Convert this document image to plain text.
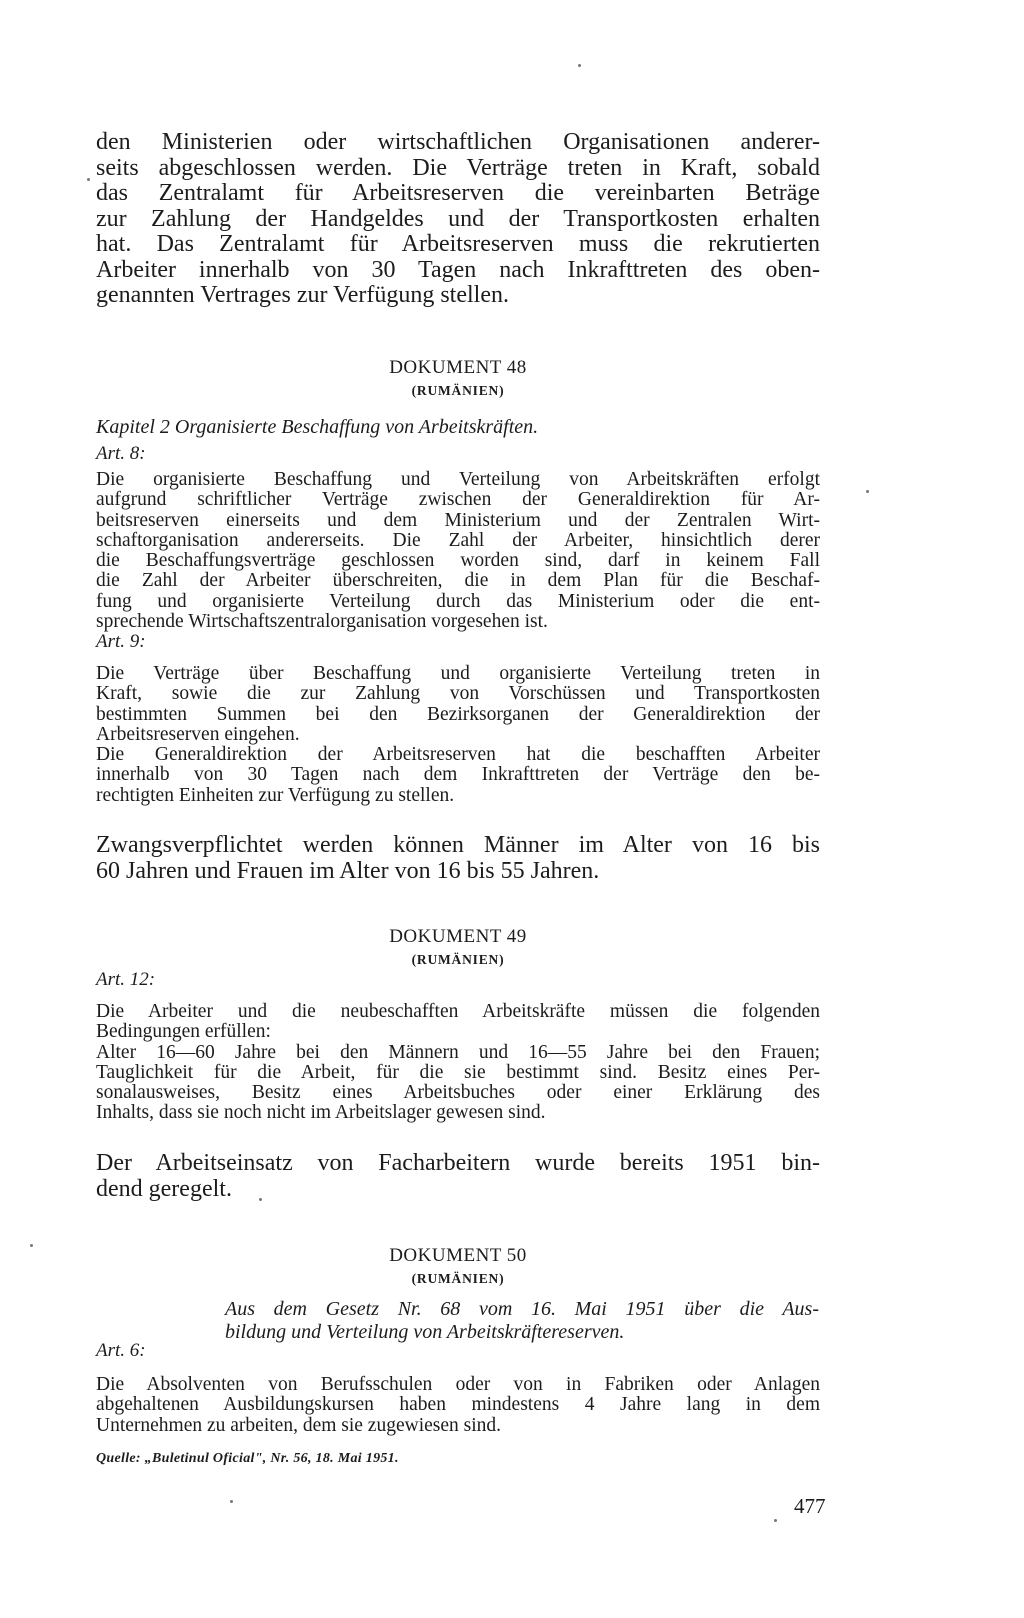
den Ministerien oder wirtschaftlichen Organisationen anderer-
seits abgeschlossen werden. Die Verträge treten in Kraft, sobald
das Zentralamt für Arbeitsreserven die vereinbarten Beträge
zur Zahlung der Handgeldes und der Transportkosten erhalten
hat. Das Zentralamt für Arbeitsreserven muss die rekrutierten
Arbeiter innerhalb von 30 Tagen nach Inkrafttreten des oben-
genannten Vertrages zur Verfügung stellen.
DOKUMENT 48
(RUMÄNIEN)
Kapitel 2 Organisierte Beschaffung von Arbeitskräften.
Art. 8:
Die organisierte Beschaffung und Verteilung von Arbeitskräften erfolgt
aufgrund schriftlicher Verträge zwischen der Generaldirektion für Ar-
beitsreserven einerseits und dem Ministerium und der Zentralen Wirt-
schaftorganisation andererseits. Die Zahl der Arbeiter, hinsichtlich derer
die Beschaffungsverträge geschlossen worden sind, darf in keinem Fall
die Zahl der Arbeiter überschreiten, die in dem Plan für die Beschaf-
fung und organisierte Verteilung durch das Ministerium oder die ent-
sprechende Wirtschaftszentralorganisation vorgesehen ist.
Art. 9:
Die Verträge über Beschaffung und organisierte Verteilung treten in
Kraft, sowie die zur Zahlung von Vorschüssen und Transportkosten
bestimmten Summen bei den Bezirksorganen der Generaldirektion der
Arbeitsreserven eingehen.
Die Generaldirektion der Arbeitsreserven hat die beschafften Arbeiter
innerhalb von 30 Tagen nach dem Inkrafttreten der Verträge den be-
rechtigten Einheiten zur Verfügung zu stellen.
Zwangsverpflichtet werden können Männer im Alter von 16 bis
60 Jahren und Frauen im Alter von 16 bis 55 Jahren.
DOKUMENT 49
(RUMÄNIEN)
Art. 12:
Die Arbeiter und die neubeschafften Arbeitskräfte müssen die folgenden
Bedingungen erfüllen:
Alter 16—60 Jahre bei den Männern und 16—55 Jahre bei den Frauen;
Tauglichkeit für die Arbeit, für die sie bestimmt sind. Besitz eines Per-
sonalausweises, Besitz eines Arbeitsbuches oder einer Erklärung des
Inhalts, dass sie noch nicht im Arbeitslager gewesen sind.
Der Arbeitseinsatz von Facharbeitern wurde bereits 1951 bin-
dend geregelt.
DOKUMENT 50
(RUMÄNIEN)
Aus dem Gesetz Nr. 68 vom 16. Mai 1951 über die Aus-
bildung und Verteilung von Arbeitskräftereserven.
Art. 6:
Die Absolventen von Berufsschulen oder von in Fabriken oder Anlagen
abgehaltenen Ausbildungskursen haben mindestens 4 Jahre lang in dem
Unternehmen zu arbeiten, dem sie zugewiesen sind.
Quelle: „Buletinul Oficial", Nr. 56, 18. Mai 1951.
477
